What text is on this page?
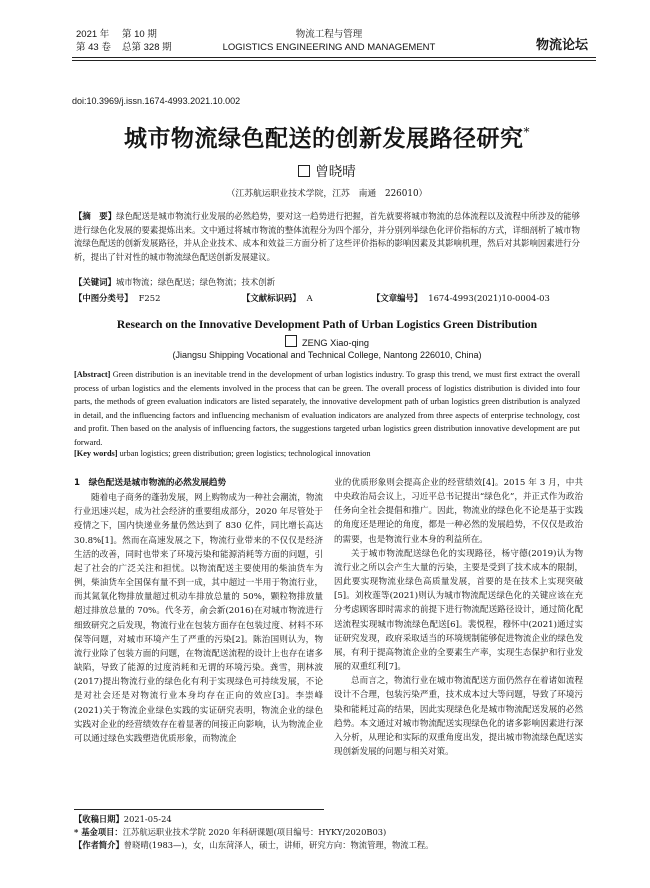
2021 年 第 10 期
第 43 卷 总第 328 期
物流工程与管理
LOGISTICS ENGINEERING AND MANAGEMENT	物流论坛
doi:10.3969/j.issn.1674-4993.2021.10.002
城市物流绿色配送的创新发展路径研究*
曾晓晴
（江苏航运职业技术学院，江苏　南通　226010）
【摘　要】绿色配送是城市物流行业发展的必然趋势，要对这一趋势进行把握，首先就要将城市物流的总体流程以及流程中所涉及的能够进行绿色化发展的要素提炼出来。文中通过将城市物流的整体流程分为四个部分，并分别列举绿色化评价指标的方式，详细剖析了城市物流绿色配送的创新发展路径，并从企业技术、成本和效益三方面分析了这些评价指标的影响因素及其影响机理，然后对其影响因素进行分析，提出了针对性的城市物流绿色配送创新发展建议。
【关键词】城市物流；绿色配送；绿色物流；技术创新
【中图分类号】 F252	【文献标识码】 A	【文章编号】 1674-4993(2021)10-0004-03
Research on the Innovative Development Path of Urban Logistics Green Distribution
ZENG Xiao-qing
(Jiangsu Shipping Vocational and Technical College, Nantong 226010, China)
[Abstract] Green distribution is an inevitable trend in the development of urban logistics industry. To grasp this trend, we must first extract the overall process of urban logistics and the elements involved in the process that can be green. The overall process of logistics distribution is divided into four parts, the methods of green evaluation indicators are listed separately, the innovative development path of urban logistics green distribution is analyzed in detail, and the influencing factors and influencing mechanism of evaluation indicators are analyzed from three aspects of enterprise technology, cost and profit. Then based on the analysis of influencing factors, the suggestions targeted urban logistics green distribution innovative development are put forward.
[Key words] urban logistics; green distribution; green logistics; technological innovation
1　绿色配送是城市物流的必然发展趋势

随着电子商务的蓬勃发展，网上购物成为一种社会潮流，物流行业迅速兴起，成为社会经济的重要组成部分，2020 年尽管处于疫情之下，国内快递业务量仍然达到了 830 亿件，同比增长高达 30.8%[1]。然而在高速发展之下，物流行业带来的不仅仅是经济生活的改善，同时也带来了环境污染和能源消耗等方面的问题，引起了社会的广泛关注和担忧。以物流配送主要使用的柴油货车为例，柴油货车全国保有量不到一成，其中超过一半用于物流行业，而其氮氧化物排放量超过机动车排放总量的 50%，颗粒物排放量超过排放总量的 70%。代冬芳，俞会新(2016)在对城市物流进行细致研究之后发现，物流行业在包装方面存在包装过度、材料不环保等问题，对城市环境产生了严重的污染[2]。陈治国则认为，物流行业除了包装方面的问题，在物流配送流程的设计上也存在诸多缺陷，导致了能源的过度消耗和无谓的环境污染。龚雪，荆林波(2017)提出物流行业的绿色化有利于实现绿色可持续发展，不论是对社会还是对物流行业本身均存在正向的效应[3]。李崇峰(2021)关于物流企业绿色实践的实证研究表明，物流企业的绿色实践对企业的经营绩效存在着显著的间接正向影响，认为物流企业可以通过绿色实践塑造优质形象，而物流企

业的优质形象则会提高企业的经营绩效[4]。2015 年 3 月，中共中央政治局会议上，习近平总书记提出“绿色化”，并正式作为政治任务向全社会提倡和推广。因此，物流业的绿色化不论是基于实践的角度还是理论的角度，都是一种必然的发展趋势，不仅仅是政治的需要，也是物流行业本身的利益所在。

关于城市物流配送绿色化的实现路径，杨守德(2019)认为物流行业之所以会产生大量的污染，主要是受到了技术成本的限制，因此要实现物流业绿色高质量发展，首要的是在技术上实现突破[5]。刘枚莲等(2021)则认为城市物流配送绿色化的关键应该在充分考虑顾客即时需求的前提下进行物流配送路径设计，通过简化配送流程实现城市物流绿色配送[6]。裴悦程，穆怀中(2021)通过实证研究发现，政府采取适当的环境规制能够促进物流企业的绿色发展，有利于提高物流企业的全要素生产率，实现生态保护和行业发展的双重红利[7]。

总而言之，物流行业在城市物流配送方面仍然存在着诸如流程设计不合理，包装污染严重，技术成本过大等问题，导致了环境污染和能耗过高的结果，因此实现绿色化是城市物流配送发展的必然趋势。本文通过对城市物流配送实现绿色化的诸多影响因素进行深入分析，从理论和实际的双重角度出发，提出城市物流绿色配送实现创新发展的问题与相关对策。

【收稿日期】2021-05-24
* 基金项目：江苏航运职业技术学院 2020 年科研课题(项目编号：HYKY/2020B03)
【作者简介】曾晓晴(1983—)，女，山东菏泽人，硕士，讲师，研究方向：物流管理，物流工程。
